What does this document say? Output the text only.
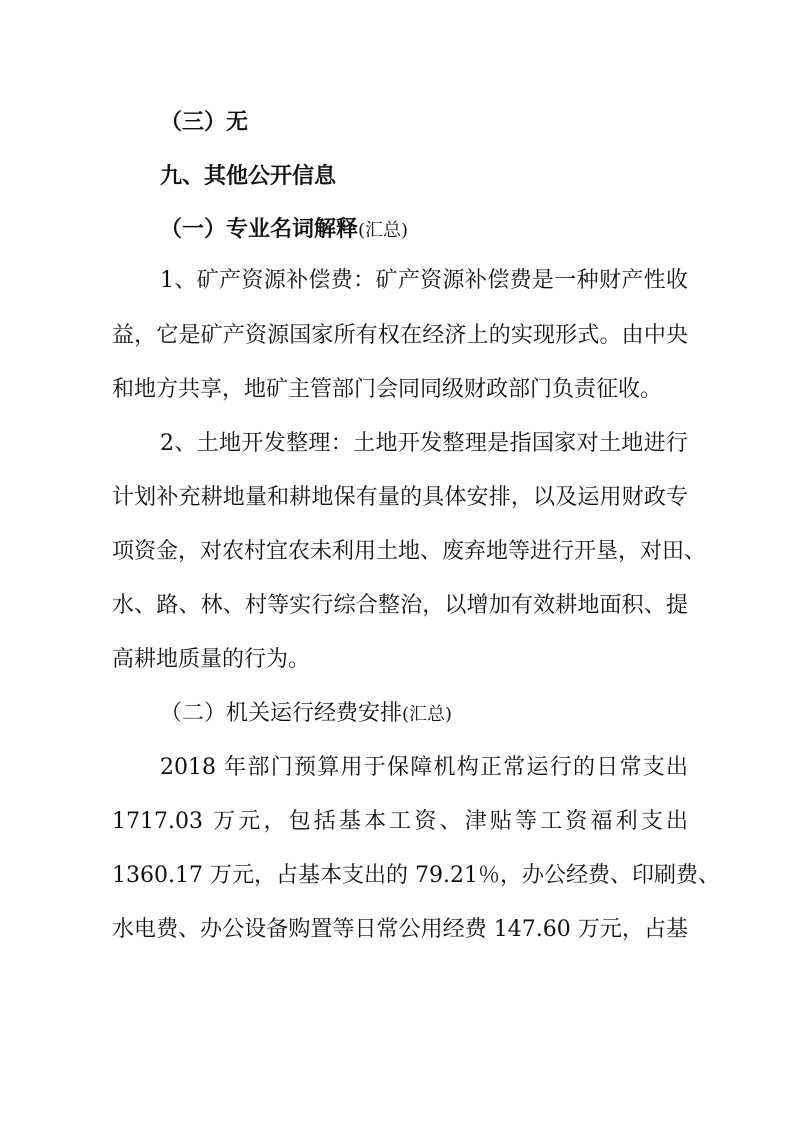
（三）无
九、其他公开信息
（一）专业名词解释(汇总)
1、矿产资源补偿费：矿产资源补偿费是一种财产性收
益，它是矿产资源国家所有权在经济上的实现形式。由中央
和地方共享，地矿主管部门会同同级财政部门负责征收。
2、土地开发整理：土地开发整理是指国家对土地进行
计划补充耕地量和耕地保有量的具体安排，以及运用财政专
项资金，对农村宜农未利用土地、废弃地等进行开垦，对田、
水、路、林、村等实行综合整治，以增加有效耕地面积、提
高耕地质量的行为。
（二）机关运行经费安排(汇总)
2018 年部门预算用于保障机构正常运行的日常支出
1717.03 万元，包括基本工资、津贴等工资福利支出
1360.17 万元，占基本支出的 79.21％，办公经费、印刷费、
水电费、办公设备购置等日常公用经费 147.60 万元，占基
